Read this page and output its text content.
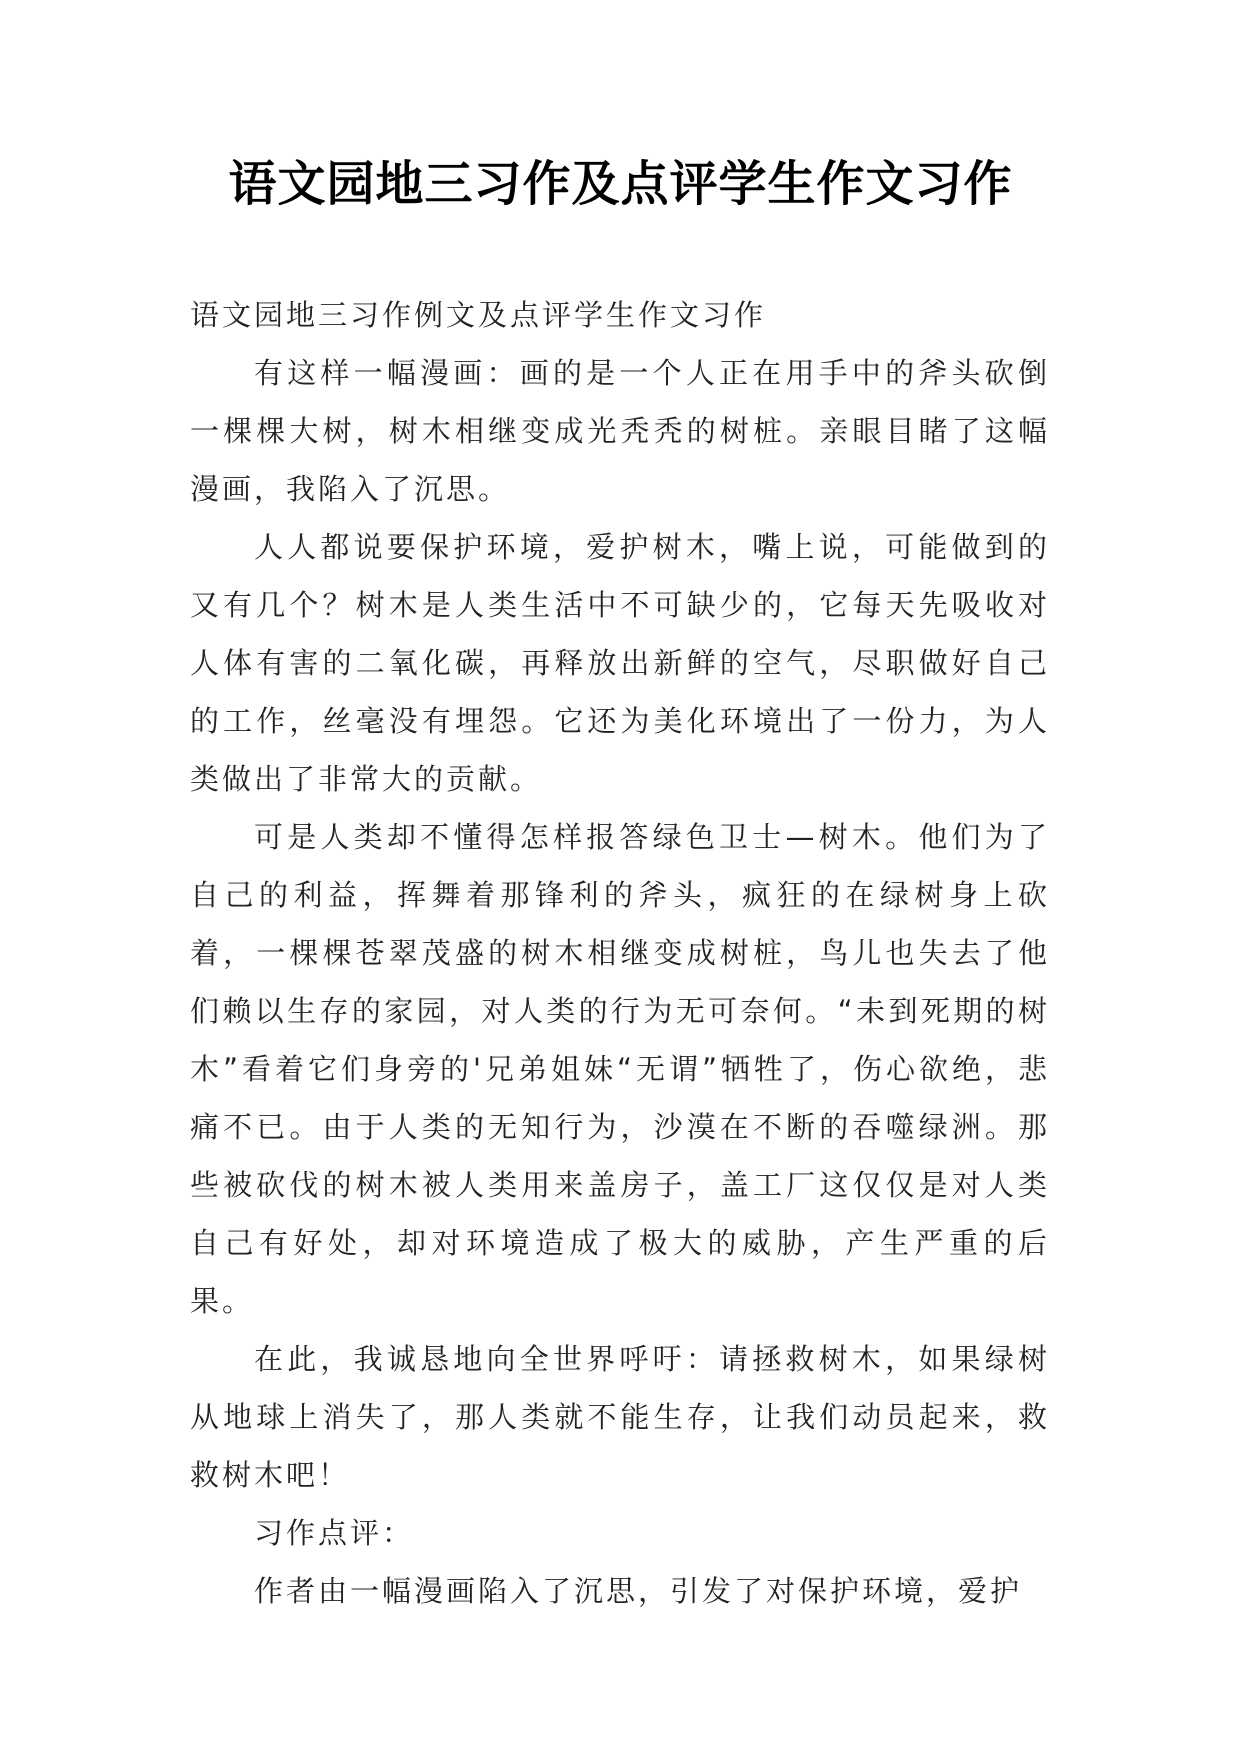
语文园地三习作及点评学生作文习作

语文园地三习作例文及点评学生作文习作

有这样一幅漫画：画的是一个人正在用手中的斧头砍倒一棵棵大树，树木相继变成光秃秃的树桩。亲眼目睹了这幅漫画，我陷入了沉思。

人人都说要保护环境，爱护树木，嘴上说，可能做到的又有几个？树木是人类生活中不可缺少的，它每天先吸收对人体有害的二氧化碳，再释放出新鲜的空气，尽职做好自己的工作，丝毫没有埋怨。它还为美化环境出了一份力，为人类做出了非常大的贡献。

可是人类却不懂得怎样报答绿色卫士—树木。他们为了自己的利益，挥舞着那锋利的斧头，疯狂的在绿树身上砍着，一棵棵苍翠茂盛的树木相继变成树桩，鸟儿也失去了他们赖以生存的家园，对人类的行为无可奈何。“未到死期的树木”看着它们身旁的'兄弟姐妹“无谓”牺牲了，伤心欲绝，悲痛不已。由于人类的无知行为，沙漠在不断的吞噬绿洲。那些被砍伐的树木被人类用来盖房子，盖工厂这仅仅是对人类自己有好处，却对环境造成了极大的威胁，产生严重的后果。

在此，我诚恳地向全世界呼吁：请拯救树木，如果绿树从地球上消失了，那人类就不能生存，让我们动员起来，救救树木吧！

习作点评：

作者由一幅漫画陷入了沉思，引发了对保护环境，爱护
